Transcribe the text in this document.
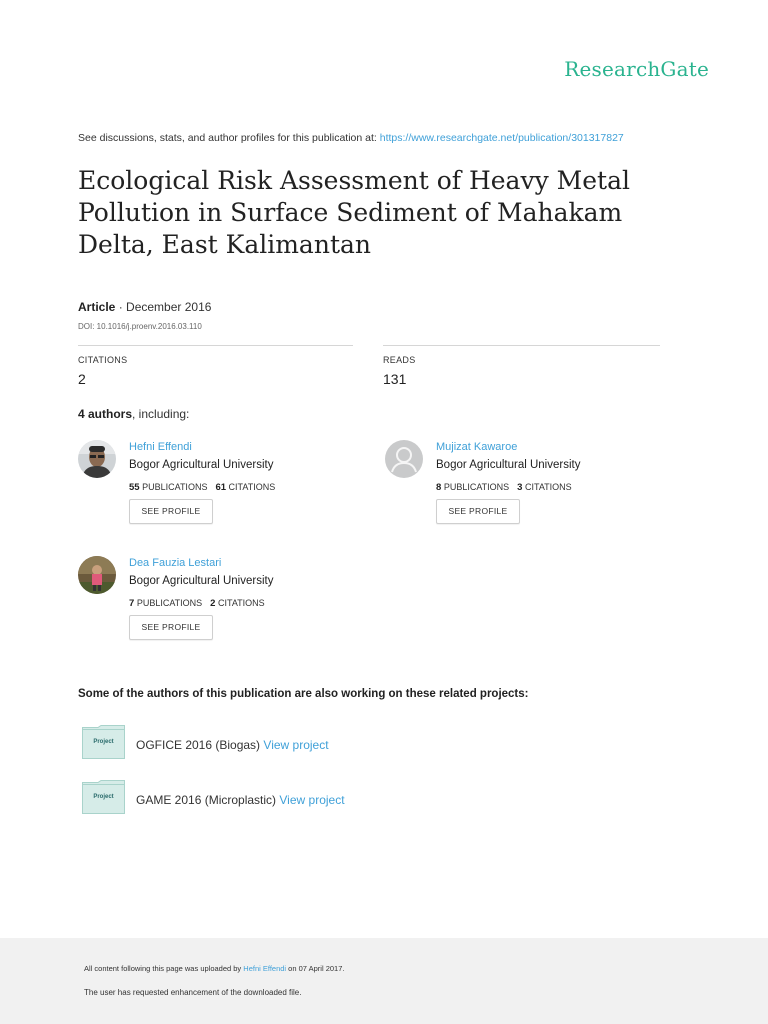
ResearchGate
See discussions, stats, and author profiles for this publication at: https://www.researchgate.net/publication/301317827
Ecological Risk Assessment of Heavy Metal Pollution in Surface Sediment of Mahakam Delta, East Kalimantan
Article · December 2016
DOI: 10.1016/j.proenv.2016.03.110
CITATIONS
2
READS
131
4 authors, including:
Hefni Effendi
Bogor Agricultural University
55 PUBLICATIONS 61 CITATIONS
SEE PROFILE
Mujizat Kawaroe
Bogor Agricultural University
8 PUBLICATIONS 3 CITATIONS
SEE PROFILE
Dea Fauzia Lestari
Bogor Agricultural University
7 PUBLICATIONS 2 CITATIONS
SEE PROFILE
Some of the authors of this publication are also working on these related projects:
Project	OGFICE 2016 (Biogas) View project
Project	GAME 2016 (Microplastic) View project
All content following this page was uploaded by Hefni Effendi on 07 April 2017.
The user has requested enhancement of the downloaded file.
